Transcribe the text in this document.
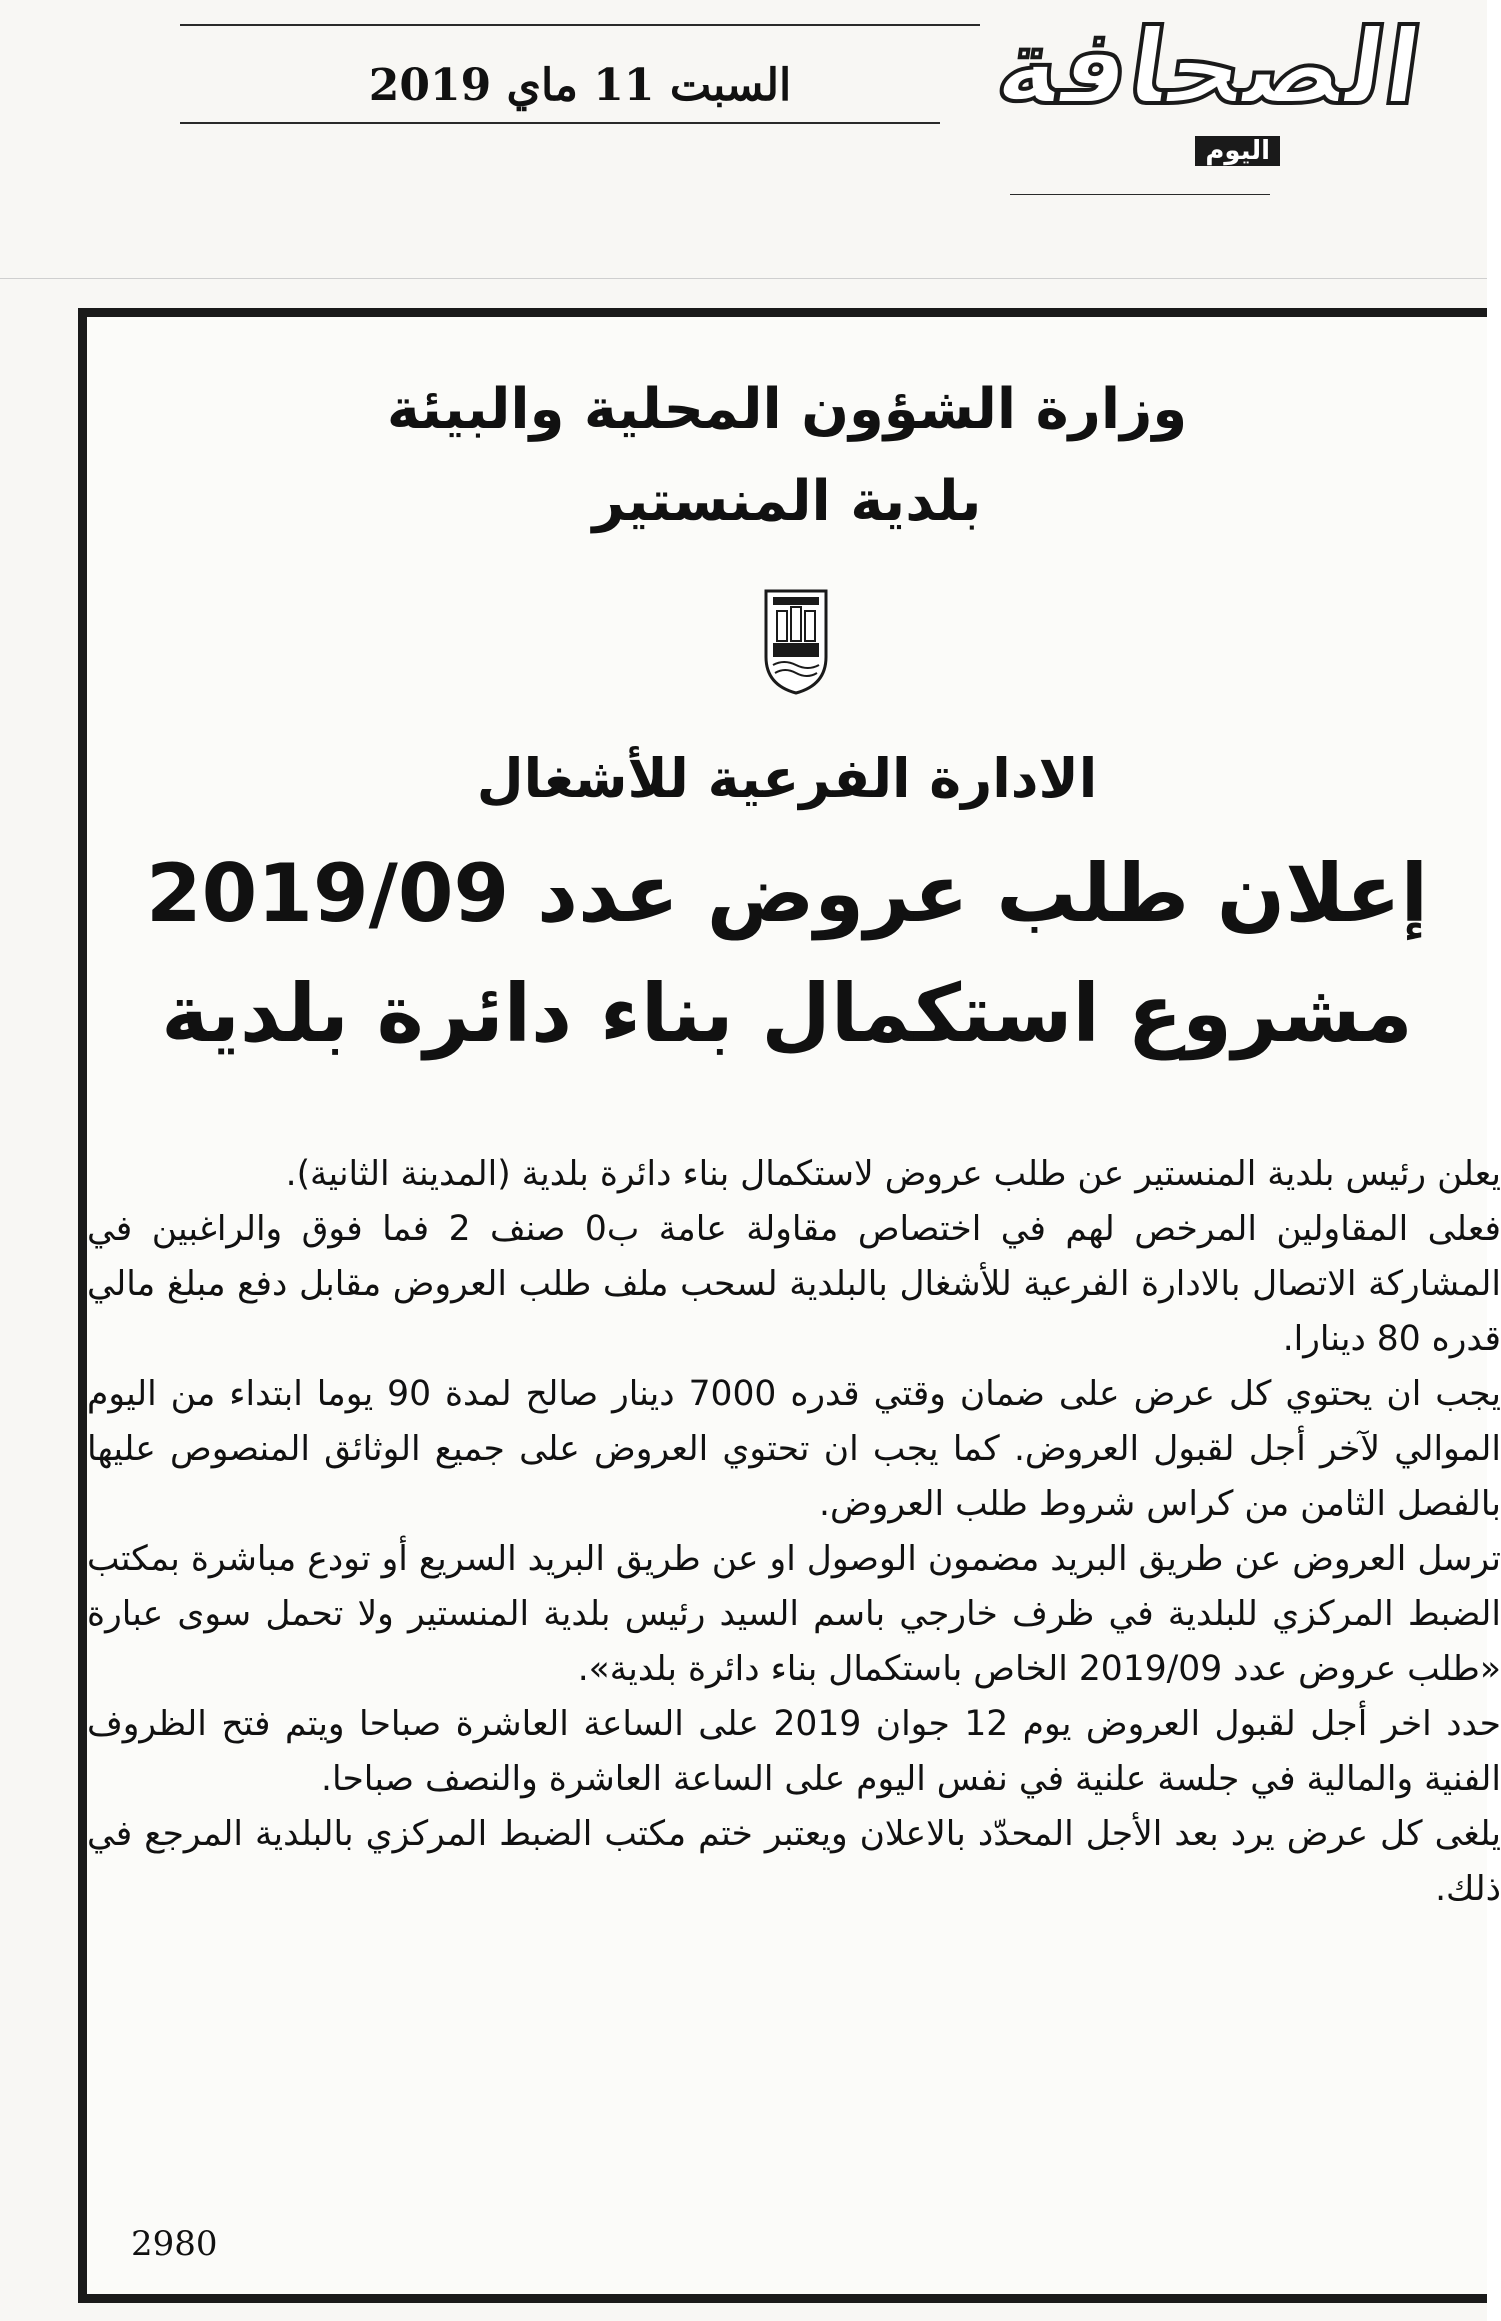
السبت 11 ماي 2019	الصحافة
اليوم
وزارة الشؤون المحلية والبيئة
بلدية المنستير
الادارة الفرعية للأشغال
إعلان طلب عروض عدد 2019/09
مشروع استكمال بناء دائرة بلدية

يعلن رئيس بلدية المنستير عن طلب عروض لاستكمال بناء دائرة بلدية (المدينة الثانية).

فعلى المقاولين المرخص لهم في اختصاص مقاولة عامة ب0 صنف 2 فما فوق والراغبين في المشاركة الاتصال بالادارة الفرعية للأشغال بالبلدية لسحب ملف طلب العروض مقابل دفع مبلغ مالي قدره 80 دينارا.

يجب ان يحتوي كل عرض على ضمان وقتي قدره 7000 دينار صالح لمدة 90 يوما ابتداء من اليوم الموالي لآخر أجل لقبول العروض. كما يجب ان تحتوي العروض على جميع الوثائق المنصوص عليها بالفصل الثامن من كراس شروط طلب العروض.

ترسل العروض عن طريق البريد مضمون الوصول او عن طريق البريد السريع أو تودع مباشرة بمكتب الضبط المركزي للبلدية في ظرف خارجي باسم السيد رئيس بلدية المنستير ولا تحمل سوى عبارة «طلب عروض عدد 2019/09 الخاص باستكمال بناء دائرة بلدية».

حدد اخر أجل لقبول العروض يوم 12 جوان 2019 على الساعة العاشرة صباحا ويتم فتح الظروف الفنية والمالية في جلسة علنية في نفس اليوم على الساعة العاشرة والنصف صباحا.

يلغى كل عرض يرد بعد الأجل المحدّد بالاعلان ويعتبر ختم مكتب الضبط المركزي بالبلدية المرجع في ذلك.

2980
